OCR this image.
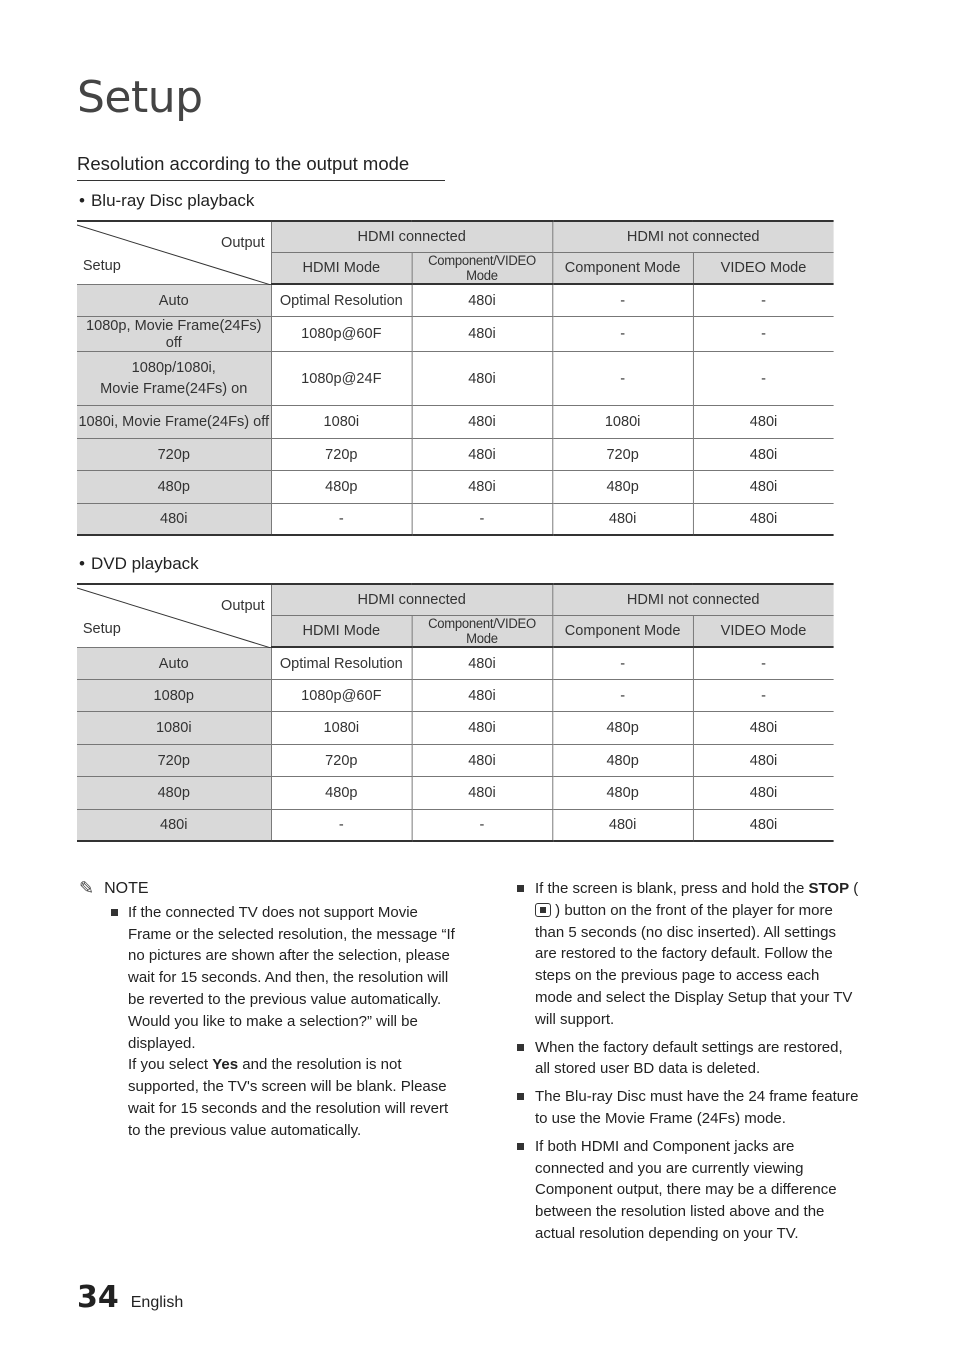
Setup
Resolution according to the output mode
• Blu-ray Disc playback
Output
Setup	HDMI connected		HDMI not connected	
	HDMI Mode	Component/VIDEO Mode	Component Mode	VIDEO Mode
Auto	Optimal Resolution	480i	-	-
1080p, Movie Frame(24Fs) off	1080p@60F	480i	-	-
1080p/1080i,
Movie Frame(24Fs) on	1080p@24F	480i	-	-
1080i, Movie Frame(24Fs) off	1080i	480i	1080i	480i
720p	720p	480i	720p	480i
480p	480p	480i	480p	480i
480i	-	-	480i	480i
• DVD playback
Output
Setup	HDMI connected		HDMI not connected	
	HDMI Mode	Component/VIDEO Mode	Component Mode	VIDEO Mode
Auto	Optimal Resolution	480i	-	-
1080p	1080p@60F	480i	-	-
1080i	1080i	480i	480p	480i
720p	720p	480i	480p	480i
480p	480p	480i	480p	480i
480i	-	-	480i	480i
✎ NOTE
If the connected TV does not support Movie Frame or the selected resolution, the message “If no pictures are shown after the selection, please wait for 15 seconds. And then, the resolution will be reverted to the previous value automatically. Would you like to make a selection?” will be displayed.
If you select Yes and the resolution is not supported, the TV's screen will be blank. Please wait for 15 seconds and the resolution will revert to the previous value automatically.
If the screen is blank, press and hold the STOP (  ) button on the front of the player for more than 5 seconds (no disc inserted). All settings are restored to the factory default. Follow the steps on the previous page to access each mode and select the Display Setup that your TV will support.
When the factory default settings are restored, all stored user BD data is deleted.
The Blu-ray Disc must have the 24 frame feature to use the Movie Frame (24Fs) mode.
If both HDMI and Component jacks are connected and you are currently viewing Component output, there may be a difference between the resolution listed above and the actual resolution depending on your TV.
34 English
